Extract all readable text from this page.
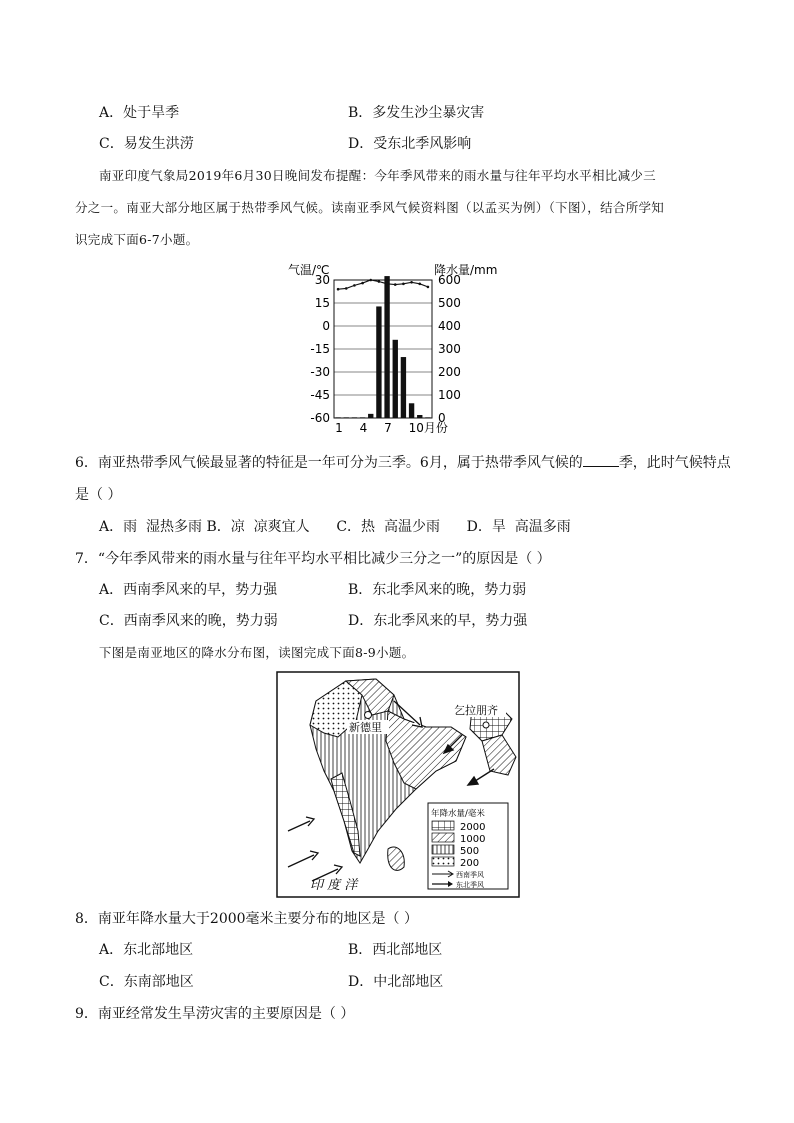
A．处于旱季	B．多发生沙尘暴灾害
C．易发生洪涝	D．受东北季风影响
南亚印度气象局2019年6月30日晚间发布提醒：今年季风带来的雨水量与往年平均水平相比减少三
分之一。南亚大部分地区属于热带季风气候。读南亚季风气候资料图（以孟买为例）（下图），结合所学知
识完成下面6-7小题。
气温/℃	降水量/mm
30
15
0
-15
-30
-45
-60
600
500
400
300
200
100
0
1 4 7 10月份
6．南亚热带季风气候最显著的特征是一年可分为三季。6月，属于热带季风气候的	季，此时气候特点
是（ ）
A．雨  湿热多雨 B．凉  凉爽宜人      C．热  高温少雨      D．旱  高温多雨
7．“今年季风带来的雨水量与往年平均水平相比减少三分之一”的原因是（ ）
A．西南季风来的早，势力强	B．东北季风来的晚，势力弱
C．西南季风来的晚，势力弱	D．东北季风来的早，势力强
下图是南亚地区的降水分布图，读图完成下面8-9小题。
新德里
乞拉朋齐
印 度 洋
年降水量/毫米
2000
1000
500
200
西南季风
东北季风
8．南亚年降水量大于2000毫米主要分布的地区是（ ）
A．东北部地区	B．西北部地区
C．东南部地区	D．中北部地区
9．南亚经常发生旱涝灾害的主要原因是（ ）
